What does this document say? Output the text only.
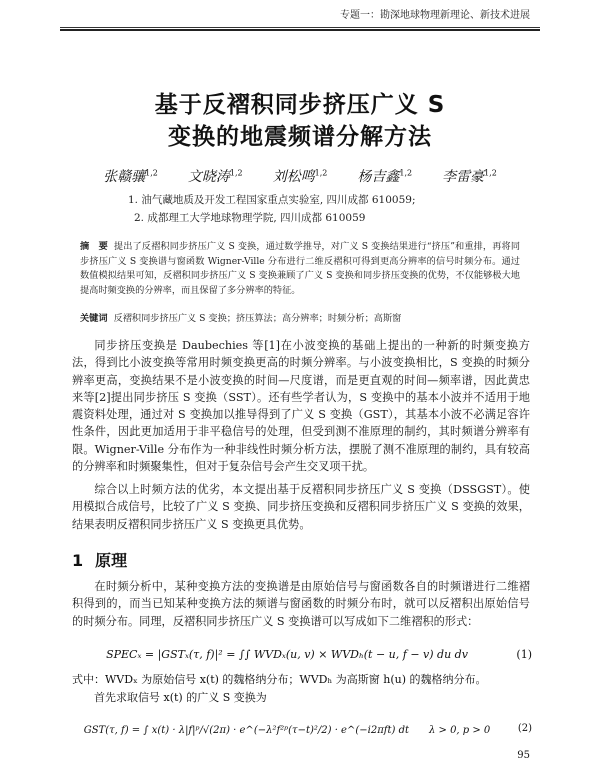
专题一：勘深地球物理新理论、新技术进展
基于反褶积同步挤压广义 S
变换的地震频谱分解方法
张赣骧$^{1,2}$ 文晓涛$^{1,2}$ 刘松鸣$^{1,2}$ 杨吉鑫$^{1,2}$ 李雷豪$^{1,2}$
1. 油气藏地质及开发工程国家重点实验室, 四川成都 610059;
2. 成都理工大学地球物理学院, 四川成都 610059
摘　要 提出了反褶积同步挤压广义 S 变换，通过数学推导，对广义 S 变换结果进行“挤压”和重排，再将同步挤压广义 S 变换谱与窗函数 Wigner-Ville 分布进行二维反褶积可得到更高分辨率的信号时频分布。通过数值模拟结果可知，反褶积同步挤压广义 S 变换兼顾了广义 S 变换和同步挤压变换的优势，不仅能够极大地提高时频变换的分辨率，而且保留了多分辨率的特征。
关键词 反褶积同步挤压广义 S 变换；挤压算法；高分辨率；时频分析；高斯窗
同步挤压变换是 Daubechies 等[1]在小波变换的基础上提出的一种新的时频变换方法，得到比小波变换等常用时频变换更高的时频分辨率。与小波变换相比，S 变换的时频分辨率更高，变换结果不是小波变换的时间—尺度谱，而是更直观的时间—频率谱，因此黄忠来等[2]提出同步挤压 S 变换（SST）。还有些学者认为，S 变换中的基本小波并不适用于地震资料处理，通过对 S 变换加以推导得到了广义 S 变换（GST），其基本小波不必满足容许性条件，因此更加适用于非平稳信号的处理，但受到测不准原理的制约，其时频谱分辨率有限。Wigner-Ville 分布作为一种非线性时频分析方法，摆脱了测不准原理的制约，具有较高的分辨率和时频聚集性，但对于复杂信号会产生交叉项干扰。
综合以上时频方法的优劣，本文提出基于反褶积同步挤压广义 S 变换（DSSGST）。使用模拟合成信号，比较了广义 S 变换、同步挤压变换和反褶积同步挤压广义 S 变换的效果，结果表明反褶积同步挤压广义 S 变换更具优势。
1 原理
在时频分析中，某种变换方法的变换谱是由原始信号与窗函数各自的时频谱进行二维褶积得到的，而当已知某种变换方法的频谱与窗函数的时频分布时，就可以反褶积出原始信号的时频分布。同理，反褶积同步挤压广义 S 变换谱可以写成如下二维褶积的形式：
SPECₓ = |GSTₓ(τ, f)|² = ∫∫ WVDₓ(u, v) × WVDₕ(t − u, f − v) du dv	(1)
式中：WVDₓ 为原始信号 x(t) 的魏格纳分布；WVDₕ 为高斯窗 h(u) 的魏格纳分布。
首先求取信号 x(t) 的广义 S 变换为
GST(τ, f) = ∫ x(t) · λ|f|ᵖ/√(2π) · e^(−λ²f²ᵖ(τ−t)²/2) · e^(−i2πft) dt　　λ > 0, p > 0	(2)
95
